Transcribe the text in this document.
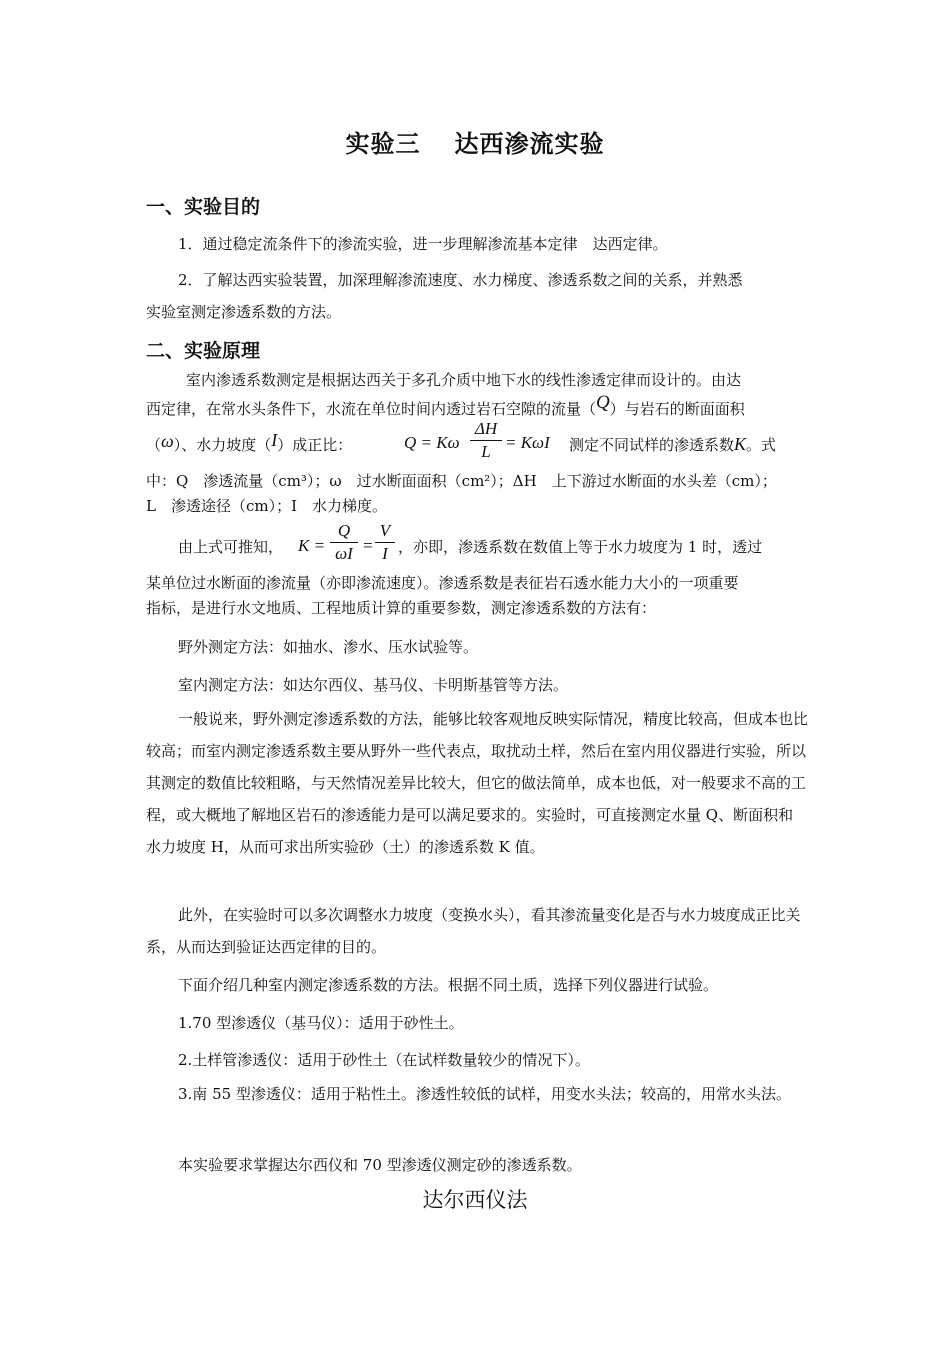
实验三 达西渗流实验
一、实验目的
1．通过稳定流条件下的渗流实验，进一步理解渗流基本定律　达西定律。
2．了解达西实验装置，加深理解渗流速度、水力梯度、渗透系数之间的关系，并熟悉
实验室测定渗透系数的方法。
二、实验原理
室内渗透系数测定是根据达西关于多孔介质中地下水的线性渗透定律而设计的。由达
西定律，在常水头条件下，水流在单位时间内透过岩石空隙的流量（Q）与岩石的断面面积
（ω）、水力坡度（I）成正比：	Q = Kω $\frac{\Delta H}{L} = K\omega I$ 测定不同试样的渗透系数K。式
中：Q　渗透流量（cm³）；ω　过水断面面积（cm²）；ΔH　上下游过水断面的水头差（cm）；
L　渗透途径（cm）；I　水力梯度。
由上式可推知， $K = \frac{Q}{\omega I} = \frac{V}{I}$ ，亦即，渗透系数在数值上等于水力坡度为 1 时，透过
某单位过水断面的渗流量（亦即渗流速度）。渗透系数是表征岩石透水能力大小的一项重要
指标，是进行水文地质、工程地质计算的重要参数，测定渗透系数的方法有：
野外测定方法：如抽水、渗水、压水试验等。
室内测定方法：如达尔西仪、基马仪、卡明斯基管等方法。
一般说来，野外测定渗透系数的方法，能够比较客观地反映实际情况，精度比较高，但成本也比较高；而室内测定渗透系数主要从野外一些代表点，取扰动土样，然后在室内用仪器进行实验，所以其测定的数值比较粗略，与天然情况差异比较大，但它的做法简单，成本也低，对一般要求不高的工程，或大概地了解地区岩石的渗透能力是可以满足要求的。实验时，可直接测定水量 Q、断面积和水力坡度 H，从而可求出所实验砂（土）的渗透系数 K 值。
此外，在实验时可以多次调整水力坡度（变换水头），看其渗流量变化是否与水力坡度成正比关系，从而达到验证达西定律的目的。
下面介绍几种室内测定渗透系数的方法。根据不同土质，选择下列仪器进行试验。
1.70 型渗透仪（基马仪）：适用于砂性土。
2.土样管渗透仪：适用于砂性土（在试样数量较少的情况下）。
3.南 55 型渗透仪：适用于粘性土。渗透性较低的试样，用变水头法；较高的，用常水头法。
本实验要求掌握达尔西仪和 70 型渗透仪测定砂的渗透系数。
达尔西仪法
